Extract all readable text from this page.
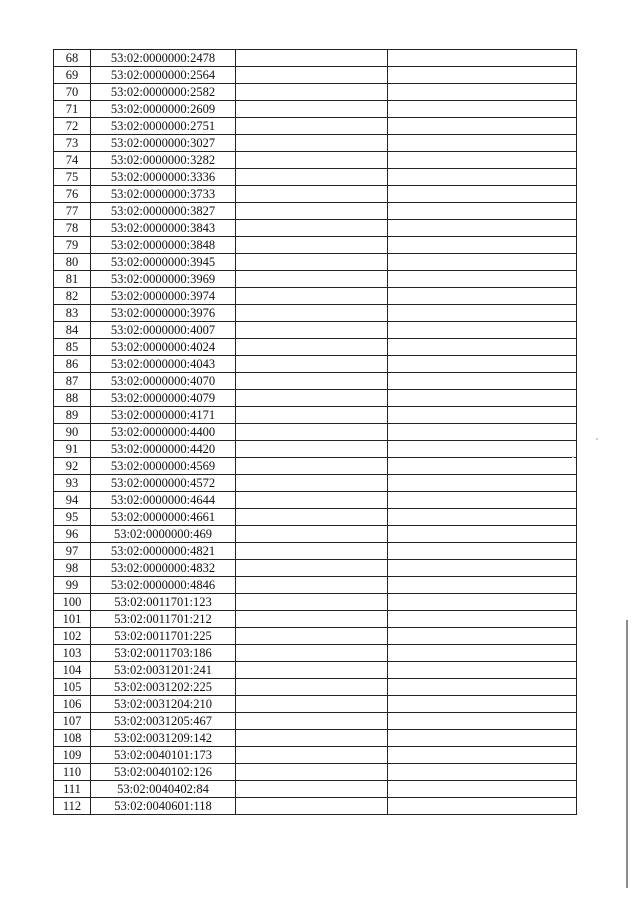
68	53:02:0000000:2478		
69	53:02:0000000:2564		
70	53:02:0000000:2582		
71	53:02:0000000:2609		
72	53:02:0000000:2751		
73	53:02:0000000:3027		
74	53:02:0000000:3282		
75	53:02:0000000:3336		
76	53:02:0000000:3733		
77	53:02:0000000:3827		
78	53:02:0000000:3843		
79	53:02:0000000:3848		
80	53:02:0000000:3945		
81	53:02:0000000:3969		
82	53:02:0000000:3974		
83	53:02:0000000:3976		
84	53:02:0000000:4007		
85	53:02:0000000:4024		
86	53:02:0000000:4043		
87	53:02:0000000:4070		
88	53:02:0000000:4079		
89	53:02:0000000:4171		
90	53:02:0000000:4400		
91	53:02:0000000:4420		
92	53:02:0000000:4569		
93	53:02:0000000:4572		
94	53:02:0000000:4644		
95	53:02:0000000:4661		
96	53:02:0000000:469		
97	53:02:0000000:4821		
98	53:02:0000000:4832		
99	53:02:0000000:4846		
100	53:02:0011701:123		
101	53:02:0011701:212		
102	53:02:0011701:225		
103	53:02:0011703:186		
104	53:02:0031201:241		
105	53:02:0031202:225		
106	53:02:0031204:210		
107	53:02:0031205:467		
108	53:02:0031209:142		
109	53:02:0040101:173		
110	53:02:0040102:126		
111	53:02:0040402:84		
112	53:02:0040601:118		
